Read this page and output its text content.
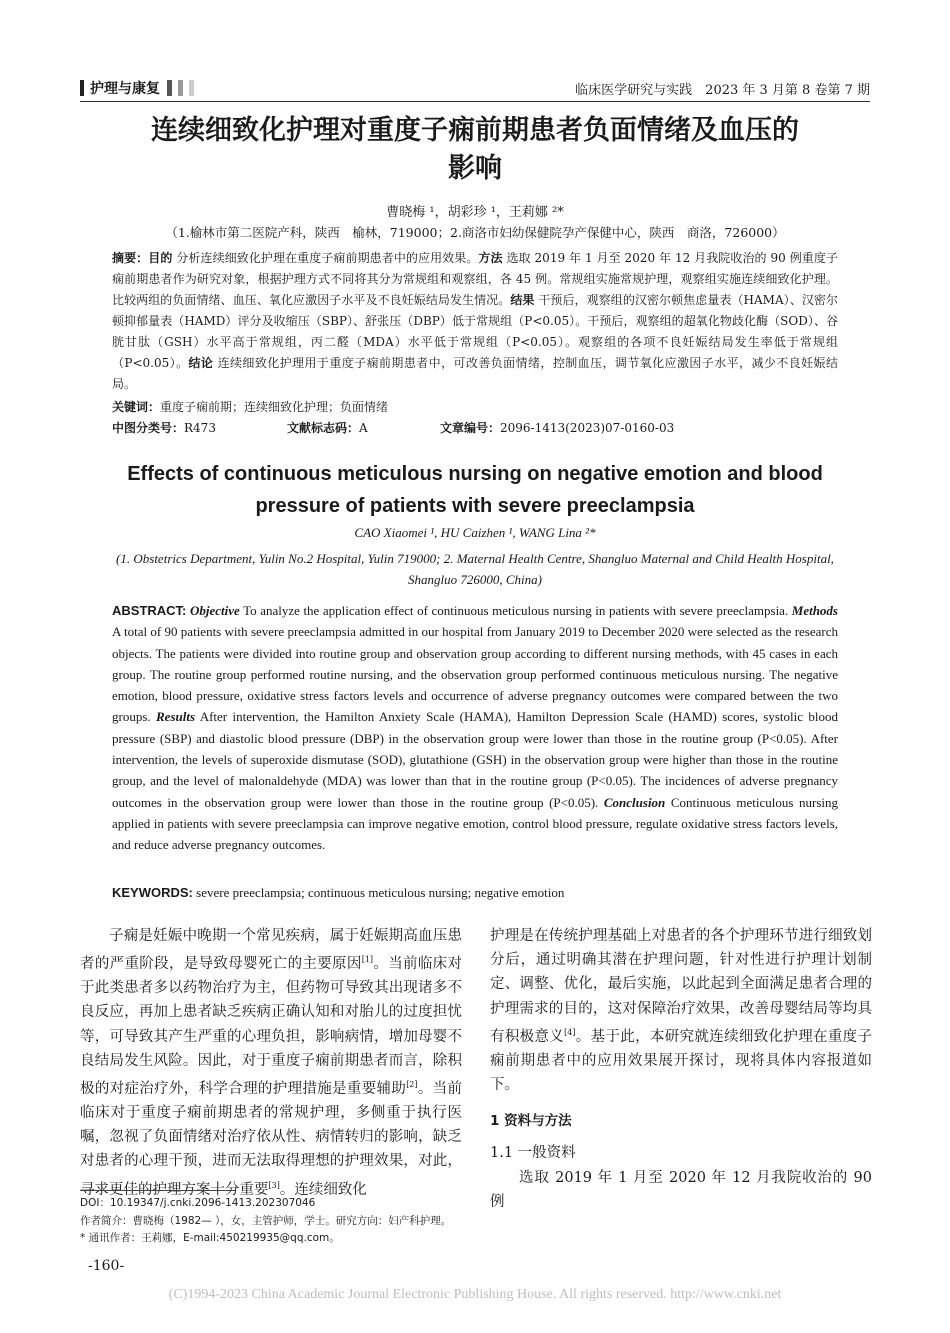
护理与康复	临床医学研究与实践　2023 年 3 月第 8 卷第 7 期
连续细致化护理对重度子痫前期患者负面情绪及血压的
影响
曹晓梅 ¹，胡彩珍 ¹，王莉娜 ²*
（1.榆林市第二医院产科，陕西　榆林，719000；2.商洛市妇幼保健院孕产保健中心，陕西　商洛，726000）
摘要：目的 分析连续细致化护理在重度子痫前期患者中的应用效果。方法 选取 2019 年 1 月至 2020 年 12 月我院收治的 90 例重度子痫前期患者作为研究对象，根据护理方式不同将其分为常规组和观察组，各 45 例。常规组实施常规护理，观察组实施连续细致化护理。比较两组的负面情绪、血压、氧化应激因子水平及不良妊娠结局发生情况。结果 干预后，观察组的汉密尔顿焦虑量表（HAMA）、汉密尔顿抑郁量表（HAMD）评分及收缩压（SBP）、舒张压（DBP）低于常规组（P<0.05）。干预后，观察组的超氧化物歧化酶（SOD）、谷胱甘肽（GSH）水平高于常规组，丙二醛（MDA）水平低于常规组（P<0.05）。观察组的各项不良妊娠结局发生率低于常规组（P<0.05）。结论 连续细致化护理用于重度子痫前期患者中，可改善负面情绪，控制血压，调节氧化应激因子水平，减少不良妊娠结局。
关键词：重度子痫前期；连续细致化护理；负面情绪
中图分类号：R473	文献标志码：A	文章编号：2096-1413(2023)07-0160-03
Effects of continuous meticulous nursing on negative emotion and blood
pressure of patients with severe preeclampsia
CAO Xiaomei ¹, HU Caizhen ¹, WANG Lina ²*
(1. Obstetrics Department, Yulin No.2 Hospital, Yulin 719000; 2. Maternal Health Centre, Shangluo Maternal and Child Health Hospital, Shangluo 726000, China)
ABSTRACT: Objective To analyze the application effect of continuous meticulous nursing in patients with severe preeclampsia. Methods A total of 90 patients with severe preeclampsia admitted in our hospital from January 2019 to December 2020 were selected as the research objects. The patients were divided into routine group and observation group according to different nursing methods, with 45 cases in each group. The routine group performed routine nursing, and the observation group performed continuous meticulous nursing. The negative emotion, blood pressure, oxidative stress factors levels and occurrence of adverse pregnancy outcomes were compared between the two groups. Results After intervention, the Hamilton Anxiety Scale (HAMA), Hamilton Depression Scale (HAMD) scores, systolic blood pressure (SBP) and diastolic blood pressure (DBP) in the observation group were lower than those in the routine group (P<0.05). After intervention, the levels of superoxide dismutase (SOD), glutathione (GSH) in the observation group were higher than those in the routine group, and the level of malonaldehyde (MDA) was lower than that in the routine group (P<0.05). The incidences of adverse pregnancy outcomes in the observation group were lower than those in the routine group (P<0.05). Conclusion Continuous meticulous nursing applied in patients with severe preeclampsia can improve negative emotion, control blood pressure, regulate oxidative stress factors levels, and reduce adverse pregnancy outcomes.
KEYWORDS: severe preeclampsia; continuous meticulous nursing; negative emotion

子痫是妊娠中晚期一个常见疾病，属于妊娠期高血压患者的严重阶段，是导致母婴死亡的主要原因[1]。当前临床对于此类患者多以药物治疗为主，但药物可导致其出现诸多不良反应，再加上患者缺乏疾病正确认知和对胎儿的过度担忧等，可导致其产生严重的心理负担，影响病情，增加母婴不良结局发生风险。因此，对于重度子痫前期患者而言，除积极的对症治疗外，科学合理的护理措施是重要辅助[2]。当前临床对于重度子痫前期患者的常规护理，多侧重于执行医嘱，忽视了负面情绪对治疗依从性、病情转归的影响，缺乏对患者的心理干预，进而无法取得理想的护理效果，对此，寻求更佳的护理方案十分重要[3]。连续细致化

护理是在传统护理基础上对患者的各个护理环节进行细致划分后，通过明确其潜在护理问题，针对性进行护理计划制定、调整、优化，最后实施，以此起到全面满足患者合理的护理需求的目的，这对保障治疗效果，改善母婴结局等均具有积极意义[4]。基于此，本研究就连续细致化护理在重度子痫前期患者中的应用效果展开探讨，现将具体内容报道如下。

1 资料与方法
1.1 一般资料

选取 2019 年 1 月至 2020 年 12 月我院收治的 90 例

DOI：10.19347/j.cnki.2096-1413.202307046
作者简介：曹晓梅（1982— ），女，主管护师，学士。研究方向：妇产科护理。
* 通讯作者：王莉娜，E-mail:450219935@qq.com。
-160-
(C)1994-2023 China Academic Journal Electronic Publishing House. All rights reserved. http://www.cnki.net
